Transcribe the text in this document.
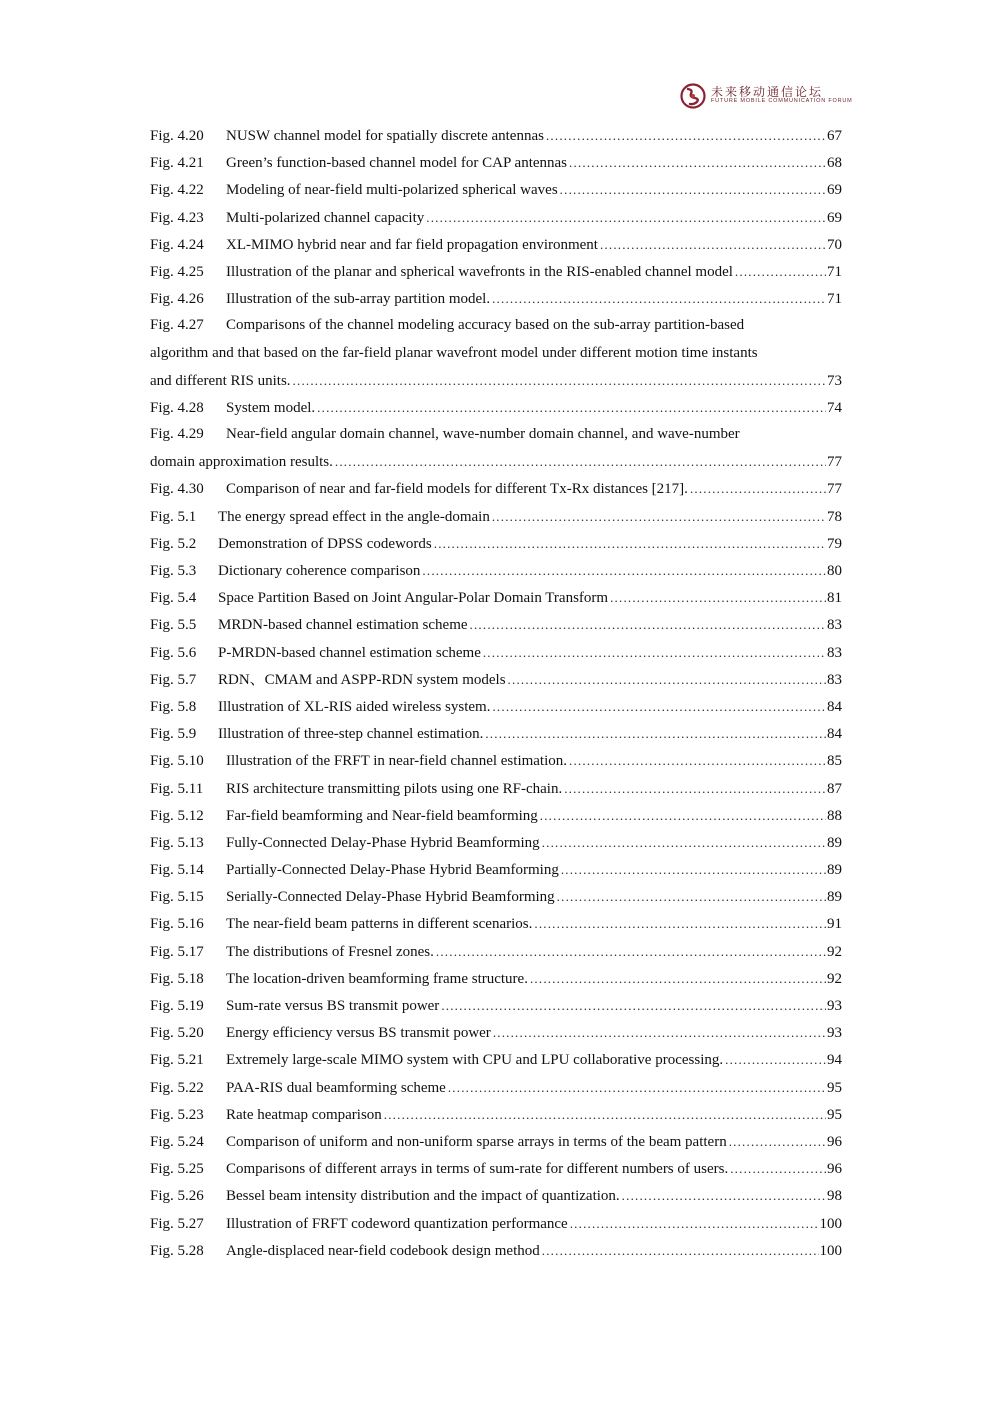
未来移动通信论坛
FUTURE MOBILE COMMUNICATION FORUM
Fig. 4.20	NUSW channel model for spatially discrete antennas .....	67
Fig. 4.21	Green’s function-based channel model for CAP antennas .....	68
Fig. 4.22	Modeling of near-field multi-polarized spherical waves .....	69
Fig. 4.23	Multi-polarized channel capacity .....	69
Fig. 4.24	XL-MIMO hybrid near and far field propagation environment .....	70
Fig. 4.25	Illustration of the planar and spherical wavefronts in the RIS-enabled channel model .....	71
Fig. 4.26	Illustration of the sub-array partition model. .....	71
Fig. 4.27	Comparisons of the channel modeling accuracy based on the sub-array partition-based
algorithm and that based on the far-field planar wavefront model under different motion time instants
and different RIS units. .....	73
Fig. 4.28	System model. .....	74
Fig. 4.29	Near-field angular domain channel, wave-number domain channel, and wave-number
domain approximation results. .....	77
Fig. 4.30	Comparison of near and far-field models for different Tx-Rx distances [217]. .....	77
Fig. 5.1	The energy spread effect in the angle-domain .....	78
Fig. 5.2	Demonstration of DPSS codewords .....	79
Fig. 5.3	Dictionary coherence comparison .....	80
Fig. 5.4	Space Partition Based on Joint Angular-Polar Domain Transform .....	81
Fig. 5.5	MRDN-based channel estimation scheme .....	83
Fig. 5.6	P-MRDN-based channel estimation scheme .....	83
Fig. 5.7	RDN、CMAM and ASPP-RDN system models .....	83
Fig. 5.8	Illustration of XL-RIS aided wireless system. .....	84
Fig. 5.9	Illustration of three-step channel estimation. .....	84
Fig. 5.10	Illustration of the FRFT in near-field channel estimation. .....	85
Fig. 5.11	RIS architecture transmitting pilots using one RF-chain. .....	87
Fig. 5.12	Far-field beamforming and Near-field beamforming .....	88
Fig. 5.13	Fully-Connected Delay-Phase Hybrid Beamforming .....	89
Fig. 5.14	Partially-Connected Delay-Phase Hybrid Beamforming .....	89
Fig. 5.15	Serially-Connected Delay-Phase Hybrid Beamforming .....	89
Fig. 5.16	The near-field beam patterns in different scenarios. .....	91
Fig. 5.17	The distributions of Fresnel zones. .....	92
Fig. 5.18	The location-driven beamforming frame structure. .....	92
Fig. 5.19	Sum-rate versus BS transmit power .....	93
Fig. 5.20	Energy efficiency versus BS transmit power .....	93
Fig. 5.21	Extremely large-scale MIMO system with CPU and LPU collaborative processing. .....	94
Fig. 5.22	PAA-RIS dual beamforming scheme .....	95
Fig. 5.23	Rate heatmap comparison .....	95
Fig. 5.24	Comparison of uniform and non-uniform sparse arrays in terms of the beam pattern .....	96
Fig. 5.25	Comparisons of different arrays in terms of sum-rate for different numbers of users. .....	96
Fig. 5.26	Bessel beam intensity distribution and the impact of quantization. .....	98
Fig. 5.27	Illustration of FRFT codeword quantization performance .....	100
Fig. 5.28	Angle-displaced near-field codebook design method .....	100
